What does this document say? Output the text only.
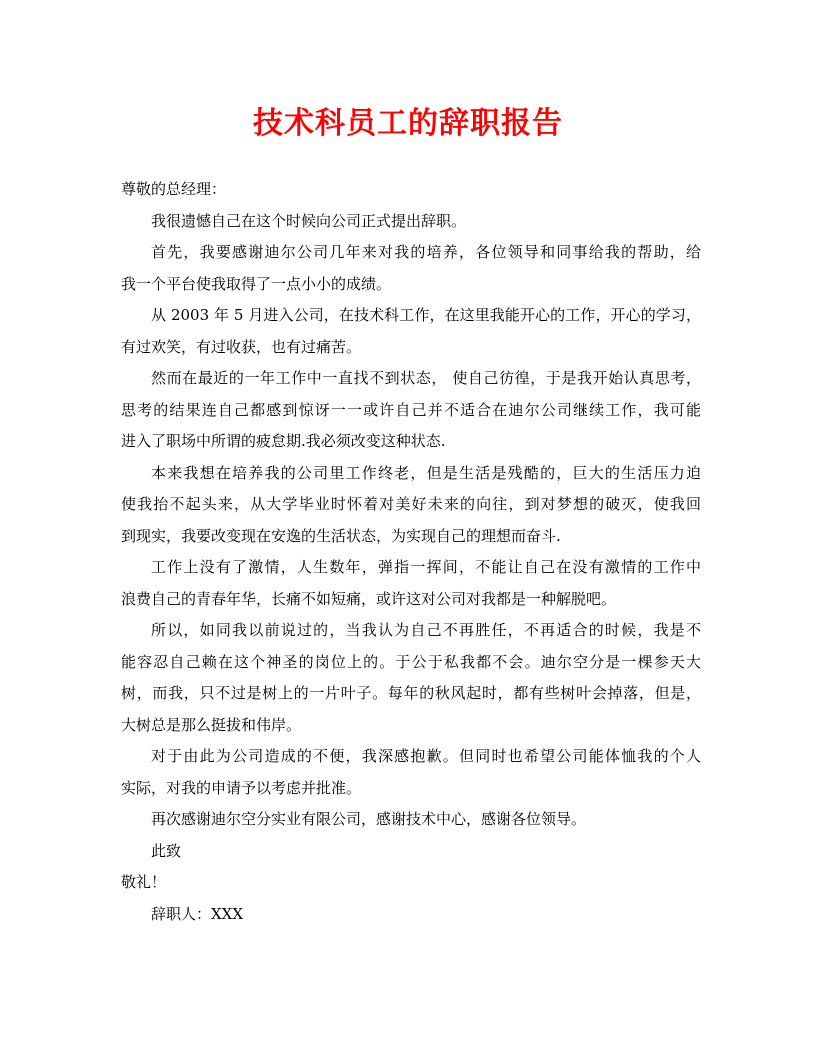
技术科员工的辞职报告
尊敬的总经理：
我很遗憾自己在这个时候向公司正式提出辞职。
首先，我要感谢迪尔公司几年来对我的培养，各位领导和同事给我的帮助，给
我一个平台使我取得了一点小小的成绩。
从 2003 年 5 月进入公司，在技术科工作，在这里我能开心的工作，开心的学习，
有过欢笑，有过收获，也有过痛苦。
然而在最近的一年工作中一直找不到状态， 使自己彷徨，于是我开始认真思考，
思考的结果连自己都感到惊讶一一或许自己并不适合在迪尔公司继续工作，我可能
进入了职场中所谓的疲怠期.我必须改变这种状态.
本来我想在培养我的公司里工作终老，但是生活是残酷的，巨大的生活压力迫
使我抬不起头来，从大学毕业时怀着对美好未来的向往，到对梦想的破灭，使我回
到现实，我要改变现在安逸的生活状态，为实现自己的理想而奋斗.
工作上没有了激情，人生数年，弹指一挥间，不能让自己在没有激情的工作中
浪费自己的青春年华，长痛不如短痛，或许这对公司对我都是一种解脱吧。
所以，如同我以前说过的，当我认为自己不再胜任，不再适合的时候，我是不
能容忍自己赖在这个神圣的岗位上的。于公于私我都不会。迪尔空分是一棵参天大
树，而我，只不过是树上的一片叶子。每年的秋风起时，都有些树叶会掉落，但是，
大树总是那么挺拔和伟岸。
对于由此为公司造成的不便，我深感抱歉。但同时也希望公司能体恤我的个人
实际，对我的申请予以考虑并批准。
再次感谢迪尔空分实业有限公司，感谢技术中心，感谢各位领导。
此致
敬礼！
辞职人：XXX
